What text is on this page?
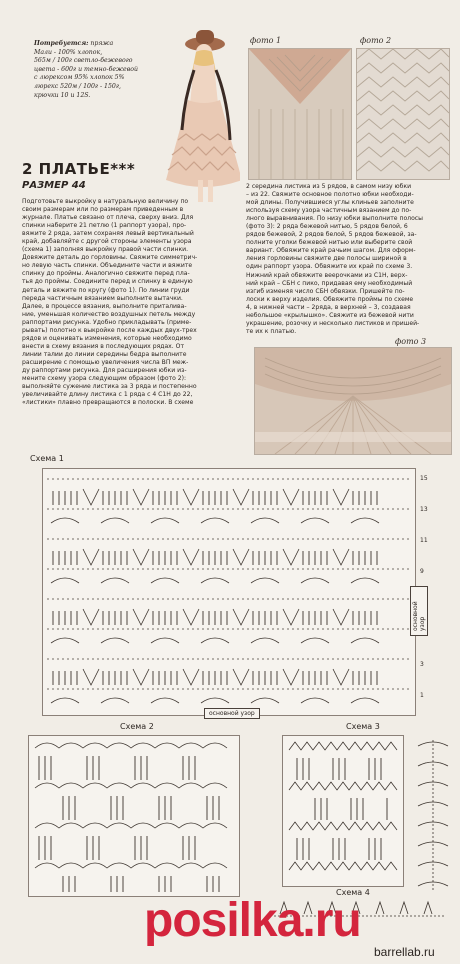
Потребуется: пряжа
Мали - 100% хлопок,
565м / 100г светло-бежевого
цвета - 600г и темно-бежевой
с люрексом 95% хлопок 5%
люрекс 520м / 100г - 150г,
крючки 10 и 12S.
2 ПЛАТЬЕ***
РАЗМЕР 44
фото 1	фото 2
Подготовьте выкройку в натуральную величину по
своим размерам или по размерам приведенным в
журнале. Платье связано от плеча, сверху вниз. Для
спинки наберите 21 петлю (1 раппорт узора), про-
вяжите 2 ряда, затем сохраняя левый вертикальный
край, добавляйте с другой стороны элементы узора
(схема 1) заполняя выкройку правой части спинки.
Довяжите деталь до горловины. Свяжите симметрич-
но левую часть спинки. Объедините части и вяжите
спинку до проймы. Аналогично свяжите перед пла-
тья до проймы. Соедините перед и спинку в единую
деталь и вяжите по кругу (фото 1). По линии груди
переда частичным вязанием выполните вытачки.
Далее, в процессе вязания, выполните приталива-
ние, уменьшая количество воздушных петель между
раппортами рисунка. Удобно прикладывать (приме-
рывать) полотно к выкройке после каждых двух-трех
рядов и оценивать изменения, которые необходимо
внести в схему вязания в последующих рядах. От
линии талии до линии середины бедра выполните
расширение с помощью увеличения числа ВП меж-
ду раппортами рисунка. Для расширения юбки из-
мените схему узора следующим образом (фото 2):
выполняйте сужение листика за 3 ряда и постепенно
увеличивайте длину листика с 1 ряда с 4 С1Н до 22,
«листики» плавно превращаются в полоски. В схеме
2 середина листика из 5 рядов, в самом низу юбки
– из 22. Свяжите основное полотно юбки необходи-
мой длины. Получившиеся углы клиньев заполните
используя схему узора частичным вязанием до по-
лного выравнивания. По низу юбки выполните полосы
(фото 3): 2 ряда бежевой нитью, 5 рядов белой, 6
рядов бежевой, 2 рядов белой, 5 рядов бежевой, за-
полните уголки бежевой нитью или выберите свой
вариант. Обвяжите край рачьим шагом. Для оформ-
ления горловины свяжите две полосы шириной в
один раппорт узора. Обвяжите их край по схеме 3.
Нижний край обвяжите веерочками из С1Н, верх-
ний край – СБН с пико, придавая ему необходимый
изгиб изменяя число СБН обвязки. Пришейте по-
лоски к верху изделия. Обвяжите проймы по схеме
4, в нижней части – 2ряда, в верхней – 3, создавая
небольшое «крылышко». Свяжите из бежевой нити
украшение, розочку и несколько листиков и пришей-
те их к платью.
фото 3
Схема 1
15
13
11
9
3
1
основной узор
основной узор
Схема 2	Схема 3
Схема 4
posilka.ru
barrellab.ru
